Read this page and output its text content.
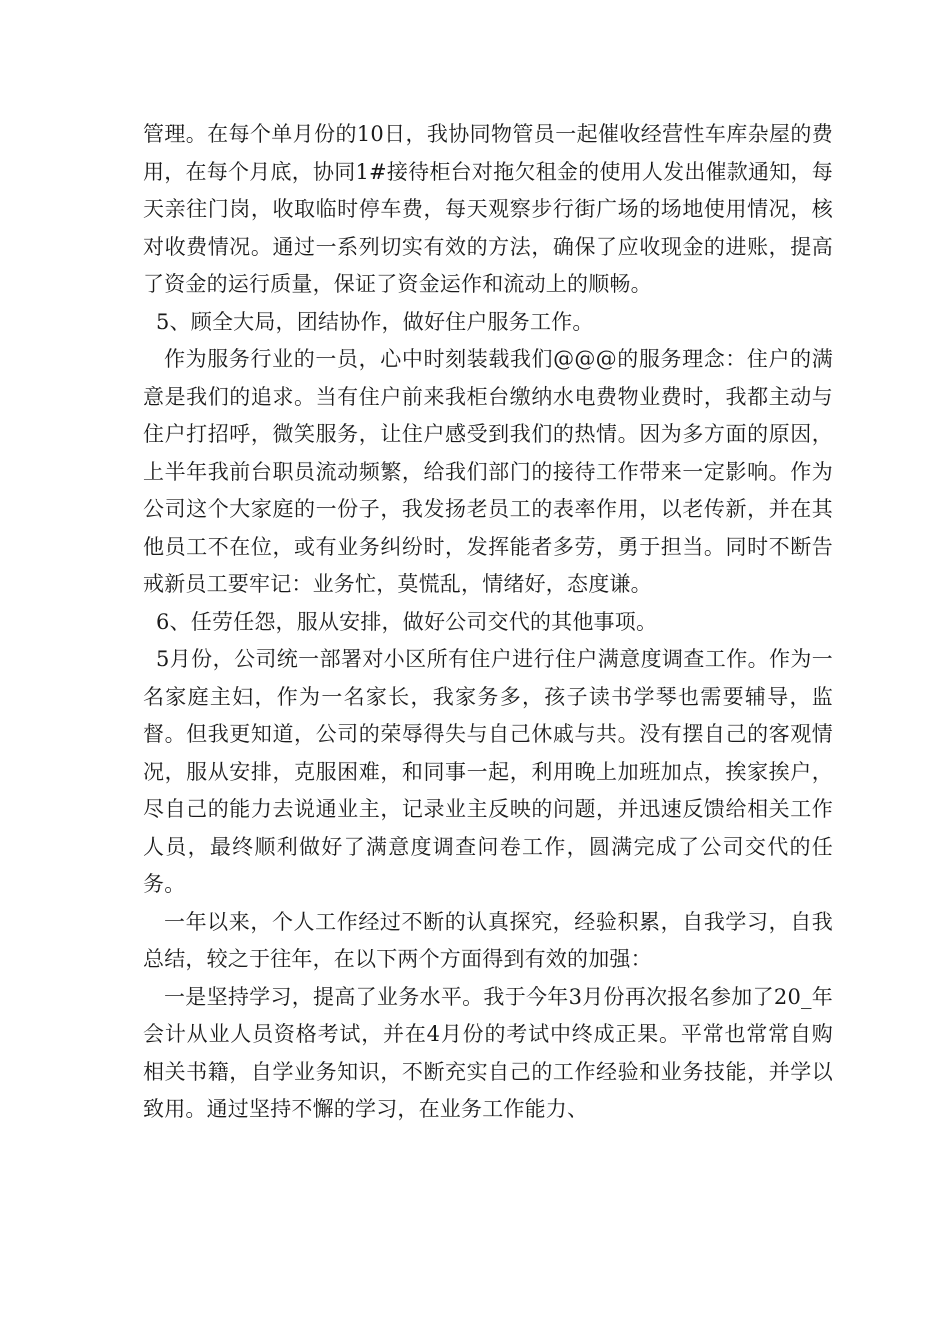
管理。在每个单月份的10日，我协同物管员一起催收经营性车库杂屋的费用，在每个月底，协同1#接待柜台对拖欠租金的使用人发出催款通知，每天亲往门岗，收取临时停车费，每天观察步行街广场的场地使用情况，核对收费情况。通过一系列切实有效的方法，确保了应收现金的进账，提高了资金的运行质量，保证了资金运作和流动上的顺畅。

5、顾全大局，团结协作，做好住户服务工作。

作为服务行业的一员，心中时刻装载我们@@@的服务理念：住户的满意是我们的追求。当有住户前来我柜台缴纳水电费物业费时，我都主动与住户打招呼，微笑服务，让住户感受到我们的热情。因为多方面的原因，上半年我前台职员流动频繁，给我们部门的接待工作带来一定影响。作为公司这个大家庭的一份子，我发扬老员工的表率作用，以老传新，并在其他员工不在位，或有业务纠纷时，发挥能者多劳，勇于担当。同时不断告戒新员工要牢记：业务忙，莫慌乱，情绪好，态度谦。

6、任劳任怨，服从安排，做好公司交代的其他事项。

5月份，公司统一部署对小区所有住户进行住户满意度调查工作。作为一名家庭主妇，作为一名家长，我家务多，孩子读书学琴也需要辅导，监督。但我更知道，公司的荣辱得失与自己休戚与共。没有摆自己的客观情况，服从安排，克服困难，和同事一起，利用晚上加班加点，挨家挨户，尽自己的能力去说通业主，记录业主反映的问题，并迅速反馈给相关工作人员，最终顺利做好了满意度调查问卷工作，圆满完成了公司交代的任务。

一年以来，个人工作经过不断的认真探究，经验积累，自我学习，自我总结，较之于往年，在以下两个方面得到有效的加强：

一是坚持学习，提高了业务水平。我于今年3月份再次报名参加了20_年会计从业人员资格考试，并在4月份的考试中终成正果。平常也常常自购相关书籍，自学业务知识，不断充实自己的工作经验和业务技能，并学以致用。通过坚持不懈的学习，在业务工作能力、
